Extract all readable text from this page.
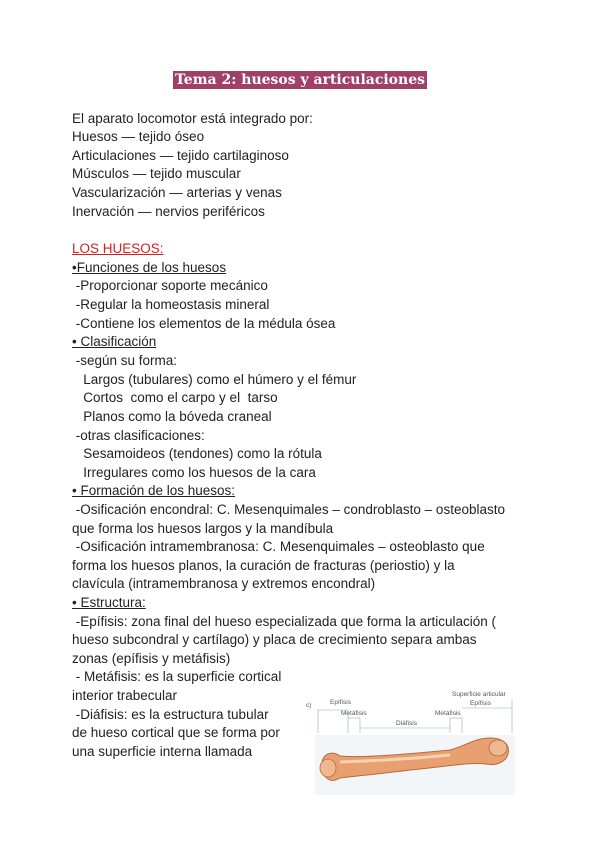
Tema 2: huesos y articulaciones
El aparato locomotor está integrado por:
Huesos — tejido óseo
Articulaciones — tejido cartilaginoso
Músculos — tejido muscular
Vascularización — arterias y venas
Inervación — nervios periféricos
LOS HUESOS:
•Funciones de los huesos
-Proporcionar soporte mecánico
-Regular la homeostasis mineral
-Contiene los elementos de la médula ósea
• Clasificación
-según su forma:
Largos (tubulares) como el húmero y el fémur
Cortos  como el carpo y el  tarso
Planos como la bóveda craneal
-otras clasificaciones:
Sesamoideos (tendones) como la rótula
Irregulares como los huesos de la cara
• Formación de los huesos:
-Osificación encondral: C. Mesenquimales – condroblasto – osteoblasto
que forma los huesos largos y la mandíbula
-Osificación intramembranosa: C. Mesenquimales – osteoblasto que
forma los huesos planos, la curación de fracturas (periostio) y la
clavícula (intramembranosa y extremos encondral)
• Estructura:
-Epífisis: zona final del hueso especializada que forma la articulación (
hueso subcondral y cartílago) y placa de crecimiento separa ambas
zonas (epífisis y metáfisis)
- Metáfisis: es la superficie cortical
interior trabecular
-Diáfisis: es la estructura tubular
de hueso cortical que se forma por
una superficie interna llamada
c)	Epífisis
Metáfisis
Diáfisis
Metáfisis
Superficie articular
Epífisis
